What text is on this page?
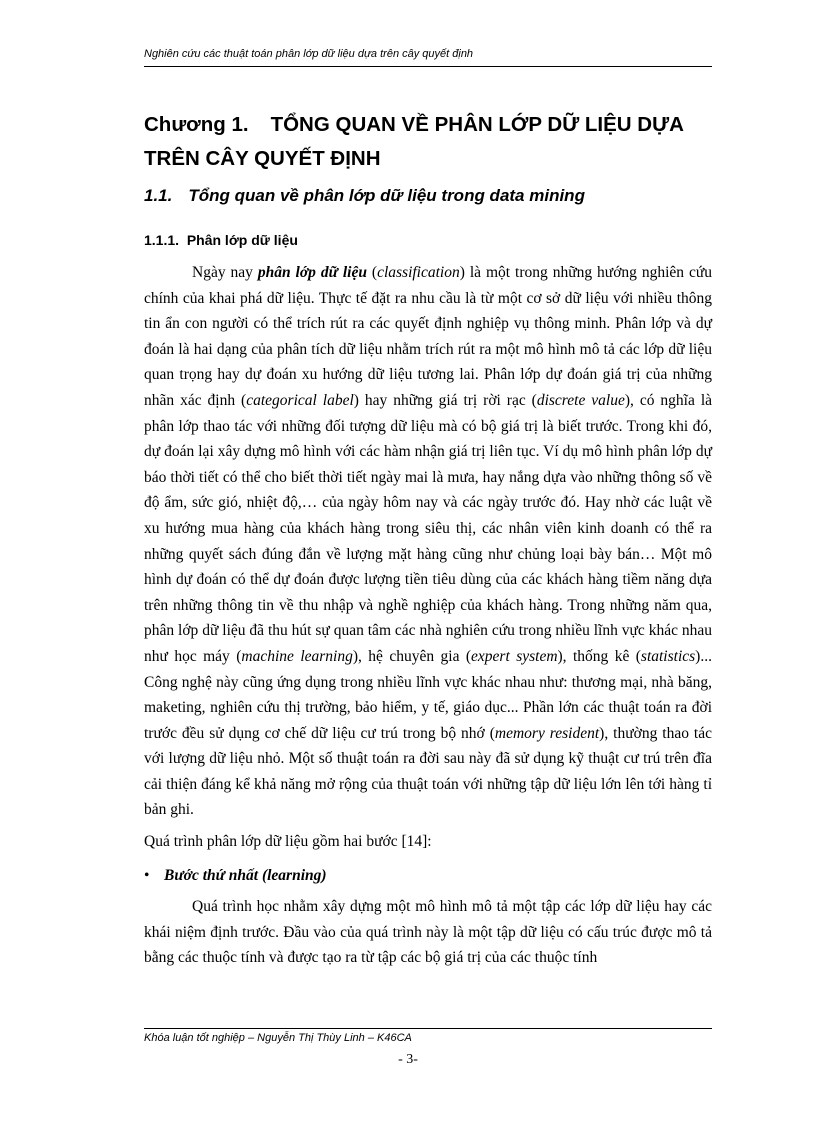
Nghiên cứu các thuật toán phân lớp dữ liệu dựa trên cây quyết định
Chương 1. TỔNG QUAN VỀ PHÂN LỚP DỮ LIỆU DỰA TRÊN CÂY QUYẾT ĐỊNH
1.1. Tổng quan về phân lớp dữ liệu trong data mining
1.1.1. Phân lớp dữ liệu

Ngày nay phân lớp dữ liệu (classification) là một trong những hướng nghiên cứu chính của khai phá dữ liệu. Thực tế đặt ra nhu cầu là từ một cơ sở dữ liệu với nhiều thông tin ẩn con người có thể trích rút ra các quyết định nghiệp vụ thông minh. Phân lớp và dự đoán là hai dạng của phân tích dữ liệu nhằm trích rút ra một mô hình mô tả các lớp dữ liệu quan trọng hay dự đoán xu hướng dữ liệu tương lai. Phân lớp dự đoán giá trị của những nhãn xác định (categorical label) hay những giá trị rời rạc (discrete value), có nghĩa là phân lớp thao tác với những đối tượng dữ liệu mà có bộ giá trị là biết trước. Trong khi đó, dự đoán lại xây dựng mô hình với các hàm nhận giá trị liên tục. Ví dụ mô hình phân lớp dự báo thời tiết có thể cho biết thời tiết ngày mai là mưa, hay nắng dựa vào những thông số về độ ẩm, sức gió, nhiệt độ,… của ngày hôm nay và các ngày trước đó. Hay nhờ các luật về xu hướng mua hàng của khách hàng trong siêu thị, các nhân viên kinh doanh có thể ra những quyết sách đúng đắn về lượng mặt hàng cũng như chủng loại bày bán… Một mô hình dự đoán có thể dự đoán được lượng tiền tiêu dùng của các khách hàng tiềm năng dựa trên những thông tin về thu nhập và nghề nghiệp của khách hàng. Trong những năm qua, phân lớp dữ liệu đã thu hút sự quan tâm các nhà nghiên cứu trong nhiều lĩnh vực khác nhau như học máy (machine learning), hệ chuyên gia (expert system), thống kê (statistics)... Công nghệ này cũng ứng dụng trong nhiều lĩnh vực khác nhau như: thương mại, nhà băng, maketing, nghiên cứu thị trường, bảo hiểm, y tế, giáo dục... Phần lớn các thuật toán ra đời trước đều sử dụng cơ chế dữ liệu cư trú trong bộ nhớ (memory resident), thường thao tác với lượng dữ liệu nhỏ. Một số thuật toán ra đời sau này đã sử dụng kỹ thuật cư trú trên đĩa cải thiện đáng kể khả năng mở rộng của thuật toán với những tập dữ liệu lớn lên tới hàng tỉ bản ghi.

Quá trình phân lớp dữ liệu gồm hai bước [14]:

• Bước thứ nhất (learning)

Quá trình học nhằm xây dựng một mô hình mô tả một tập các lớp dữ liệu hay các khái niệm định trước. Đầu vào của quá trình này là một tập dữ liệu có cấu trúc được mô tả bằng các thuộc tính và được tạo ra từ tập các bộ giá trị của các thuộc tính

Khóa luận tốt nghiệp – Nguyễn Thị Thùy Linh – K46CA
- 3-
